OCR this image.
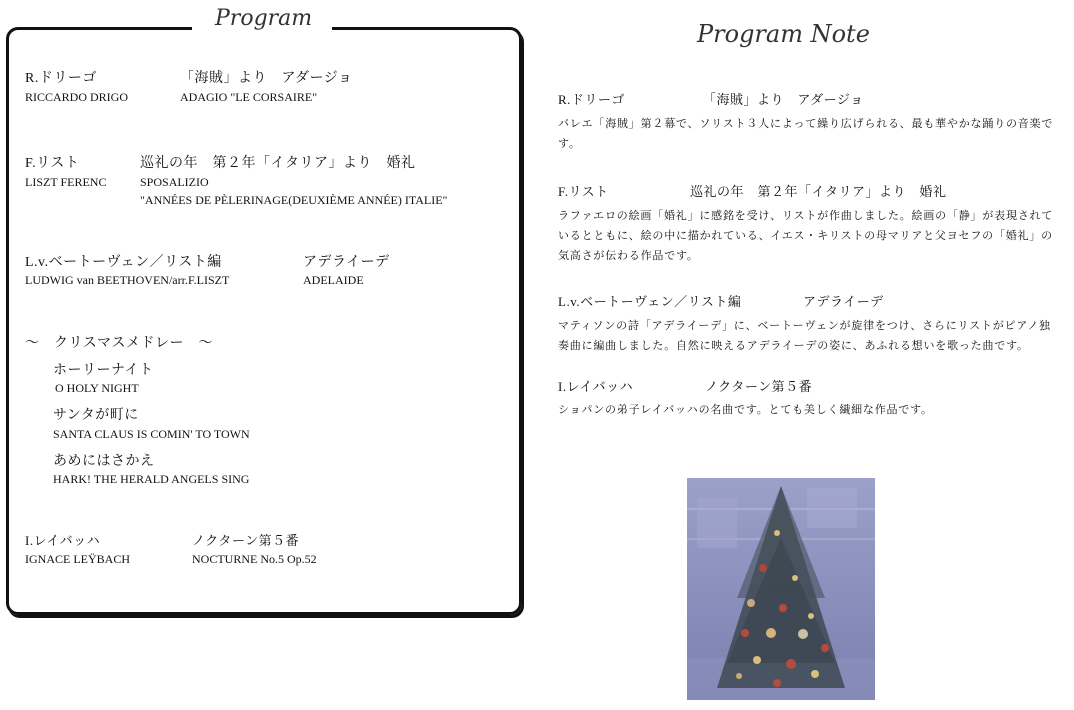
Program
R.ドリーゴ	「海賊」より　アダージョ
RICCARDO DRIGO	ADAGIO "LE CORSAIRE"
F.リスト	巡礼の年　第２年「イタリア」より　婚礼
LISZT FERENC	SPOSALIZIO
"ANNÉES DE PÈLERINAGE(DEUXIÈME ANNÉE) ITALIE"
L.v.ベートーヴェン／リスト編	アデライーデ
LUDWIG van BEETHOVEN/arr.F.LISZT	ADELAIDE
～　クリスマスメドレー　～
ホーリーナイト
O HOLY NIGHT
サンタが町に
SANTA CLAUS IS COMIN' TO TOWN
あめにはさかえ
HARK! THE HERALD ANGELS SING
I.レイバッハ	ノクターン第５番
IGNACE LEŸBACH	NOCTURNE No.5 Op.52
Program Note
R.ドリーゴ	「海賊」より　アダージョ
バレエ「海賊」第２幕で、ソリスト３人によって繰り広げられる、最も華やかな踊りの音楽です。
F.リスト	巡礼の年　第２年「イタリア」より　婚礼
ラファエロの絵画「婚礼」に感銘を受け、リストが作曲しました。絵画の「静」が表現されているとともに、絵の中に描かれている、イエス・キリストの母マリアと父ヨセフの「婚礼」の気高さが伝わる作品です。
L.v.ベートーヴェン／リスト編	アデライーデ
マティソンの詩「アデライーデ」に、ベートーヴェンが旋律をつけ、さらにリストがピアノ独奏曲に編曲しました。自然に映えるアデライーデの姿に、あふれる想いを歌った曲です。
I.レイバッハ	ノクターン第５番
ショパンの弟子レイバッハの名曲です。とても美しく繊細な作品です。
